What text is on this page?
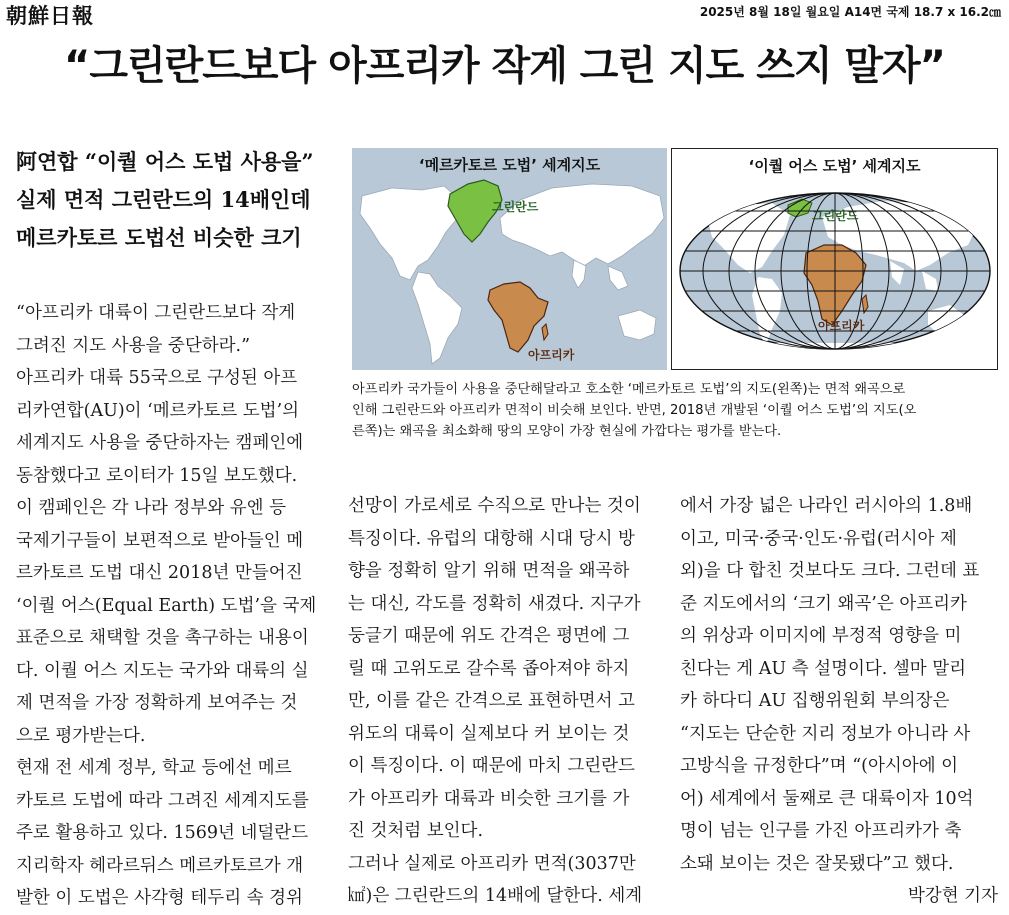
朝鮮日報	2025년 8월 18일 월요일 A14면 국제 18.7 x 16.2㎝
“그린란드보다 아프리카 작게 그린 지도 쓰지 말자”
阿연합 “이퀄 어스 도법 사용을”
실제 면적 그린란드의 14배인데
메르카토르 도법선 비슷한 크기
‘메르카토르 도법’ 세계지도
그린란드
아프리카
‘이퀄 어스 도법’ 세계지도
그린란드
아프리카
아프리카 국가들이 사용을 중단해달라고 호소한 ‘메르카토르 도법’의 지도(왼쪽)는 면적 왜곡으로
인해 그린란드와 아프리카 면적이 비슷해 보인다. 반면, 2018년 개발된 ‘이퀄 어스 도법’의 지도(오
른쪽)는 왜곡을 최소화해 땅의 모양이 가장 현실에 가깝다는 평가를 받는다.
“아프리카 대륙이 그린란드보다 작게
그려진 지도 사용을 중단하라.”
아프리카 대륙 55국으로 구성된 아프
리카연합(AU)이 ‘메르카토르 도법’의
세계지도 사용을 중단하자는 캠페인에
동참했다고 로이터가 15일 보도했다.
이 캠페인은 각 나라 정부와 유엔 등
국제기구들이 보편적으로 받아들인 메
르카토르 도법 대신 2018년 만들어진
‘이퀄 어스(Equal Earth) 도법’을 국제
표준으로 채택할 것을 촉구하는 내용이
다. 이퀄 어스 지도는 국가와 대륙의 실
제 면적을 가장 정확하게 보여주는 것
으로 평가받는다.
현재 전 세계 정부, 학교 등에선 메르
카토르 도법에 따라 그려진 세계지도를
주로 활용하고 있다. 1569년 네덜란드
지리학자 헤라르뒤스 메르카토르가 개
발한 이 도법은 사각형 테두리 속 경위
선망이 가로세로 수직으로 만나는 것이
특징이다. 유럽의 대항해 시대 당시 방
향을 정확히 알기 위해 면적을 왜곡하
는 대신, 각도를 정확히 새겼다. 지구가
둥글기 때문에 위도 간격은 평면에 그
릴 때 고위도로 갈수록 좁아져야 하지
만, 이를 같은 간격으로 표현하면서 고
위도의 대륙이 실제보다 커 보이는 것
이 특징이다. 이 때문에 마치 그린란드
가 아프리카 대륙과 비슷한 크기를 가
진 것처럼 보인다.
그러나 실제로 아프리카 면적(3037만
㎢)은 그린란드의 14배에 달한다. 세계
에서 가장 넓은 나라인 러시아의 1.8배
이고, 미국·중국·인도·유럽(러시아 제
외)을 다 합친 것보다도 크다. 그런데 표
준 지도에서의 ‘크기 왜곡’은 아프리카
의 위상과 이미지에 부정적 영향을 미
친다는 게 AU 측 설명이다. 셀마 말리
카 하다디 AU 집행위원회 부의장은
“지도는 단순한 지리 정보가 아니라 사
고방식을 규정한다”며 “(아시아에 이
어) 세계에서 둘째로 큰 대륙이자 10억
명이 넘는 인구를 가진 아프리카가 축
소돼 보이는 것은 잘못됐다”고 했다.
박강현 기자
